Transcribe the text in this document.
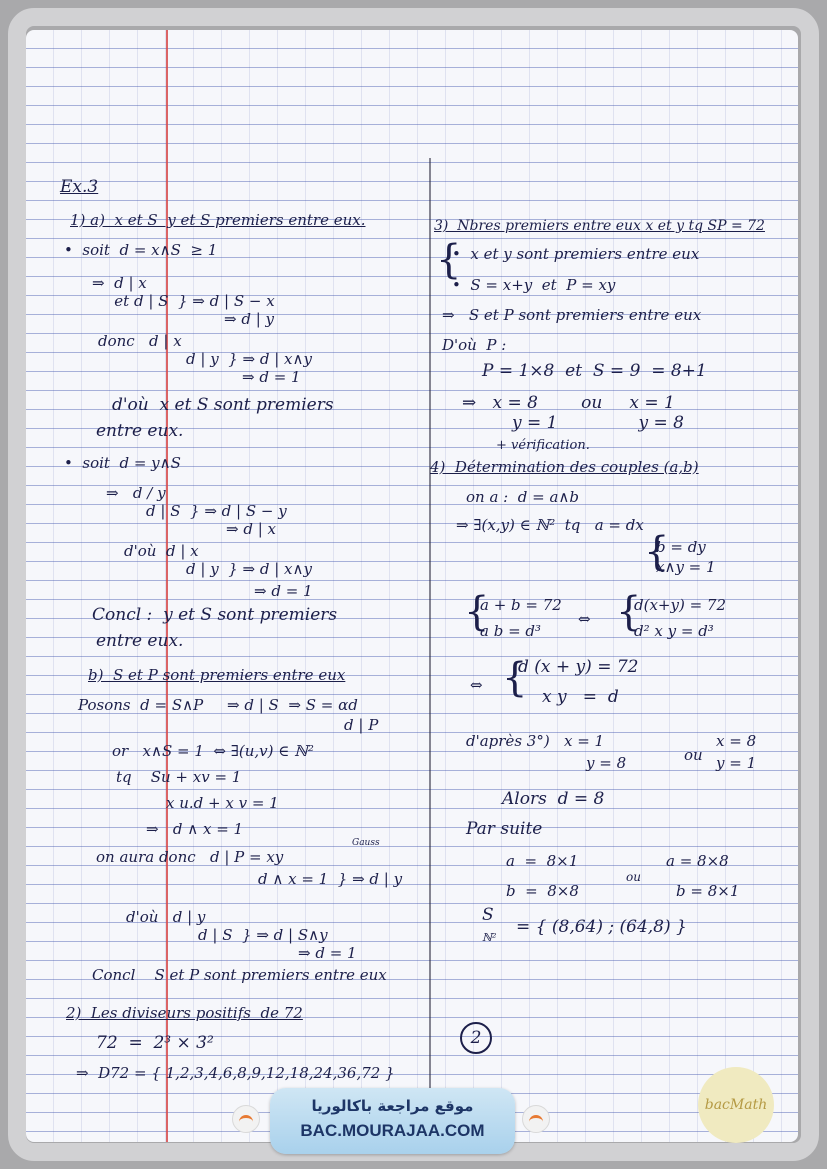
Ex.3
1) a)  x et S  y et S premiers entre eux.
•  soit  d = x∧S  ≥ 1
⇒  d | x
et d | S  } ⇒ d | S − x
⇒ d | y
donc   d | x
d | y  } ⇒ d | x∧y
⇒ d = 1
d'où  x et S sont premiers
entre eux.
•  soit  d = y∧S
⇒   d / y
d | S  } ⇒ d | S − y
⇒ d | x
d'où  d | x
d | y  } ⇒ d | x∧y
⇒ d = 1
Concl :  y et S sont premiers
entre eux.
b)  S et P sont premiers entre eux
Posons  d = S∧P     ⇒ d | S  ⇒ S = αd
d | P
or   x∧S = 1  ⇔ ∃(u,v) ∈ ℕ²
tq    Su + xv = 1
x u.d + x v = 1
⇒   d ∧ x = 1
on aura donc   d | P = xy
d ∧ x = 1  } ⇒ d | y
d'où   d | y
d | S  } ⇒ d | S∧y
⇒ d = 1
Concl    S et P sont premiers entre eux
2)  Les diviseurs positifs  de 72
72  =  2³ × 3²
⇒  D72 = { 1,2,3,4,6,8,9,12,18,24,36,72 }
Gauss
3)  Nbres premiers entre eux x et y tq SP = 72
{
•  x et y sont premiers entre eux
•  S = x+y  et  P = xy
⇒   S et P sont premiers entre eux
D'où  P :
P = 1×8  et  S = 9  = 8+1
⇒   x = 8        ou     x = 1
y = 1               y = 8
+ vérification.
4)  Détermination des couples (a,b)
on a :  d = a∧b
⇒ ∃(x,y) ∈ ℕ²  tq   a = dx
b = dy
x∧y = 1
{
{
a + b = 72
a b = d³
⇔ {
d(x+y) = 72
d² x y = d³
⇔ {
d (x + y) = 72
x y   =  d
d'après 3°)   x = 1
y = 8	ou
x = 8
y = 1
Alors  d = 8
Par suite
a  =  8×1
b  =  8×8
ou
a = 8×8
b = 8×1
S
ℕ²
= { (8,64) ; (64,8) }
2
موقع مراجعة باكالوريا
BAC.MOURAJAA.COM
bacMath
